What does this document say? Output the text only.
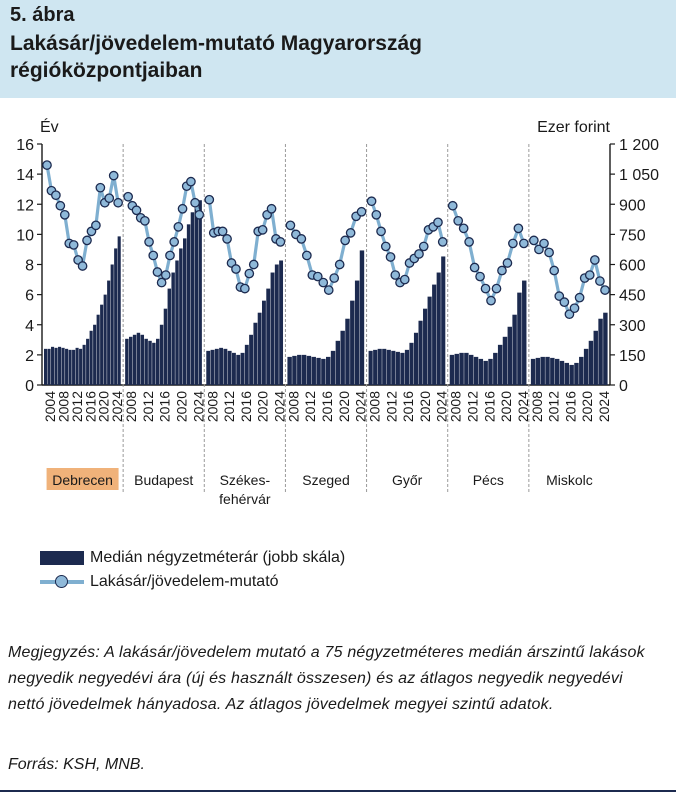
5. ábra
Lakásár/jövedelem-mutató Magyarország régióközpontjaiban
Év	Ezer forint
0
2
4
6
8
10
12
14
16
0
150
300
450
600
750
900
1 050
1 200
2004
2008
2012
2016
2020
2024
Debrecen
2008 2012 2016 2020 2024
Budapest
2008 2012 2016 2020 2024
Székes-
fehérvár
2008 2012 2016 2020 2024
Szeged
2008 2012 2016 2020 2024
Győr
2008 2012 2016 2020 2024
Pécs
2008 2012 2016 2020 2024
Miskolc
Medián négyzetméterár (jobb skála)
Lakásár/jövedelem-mutató
Megjegyzés: A lakásár/jövedelem mutató a 75 négyzetméteres medián árszintű lakások negyedik negyedévi ára (új és használt összesen) és az átlagos negyedik negyedévi nettó jövedelmek hányadosa. Az átlagos jövedelmek megyei szintű adatok.
Forrás: KSH, MNB.
